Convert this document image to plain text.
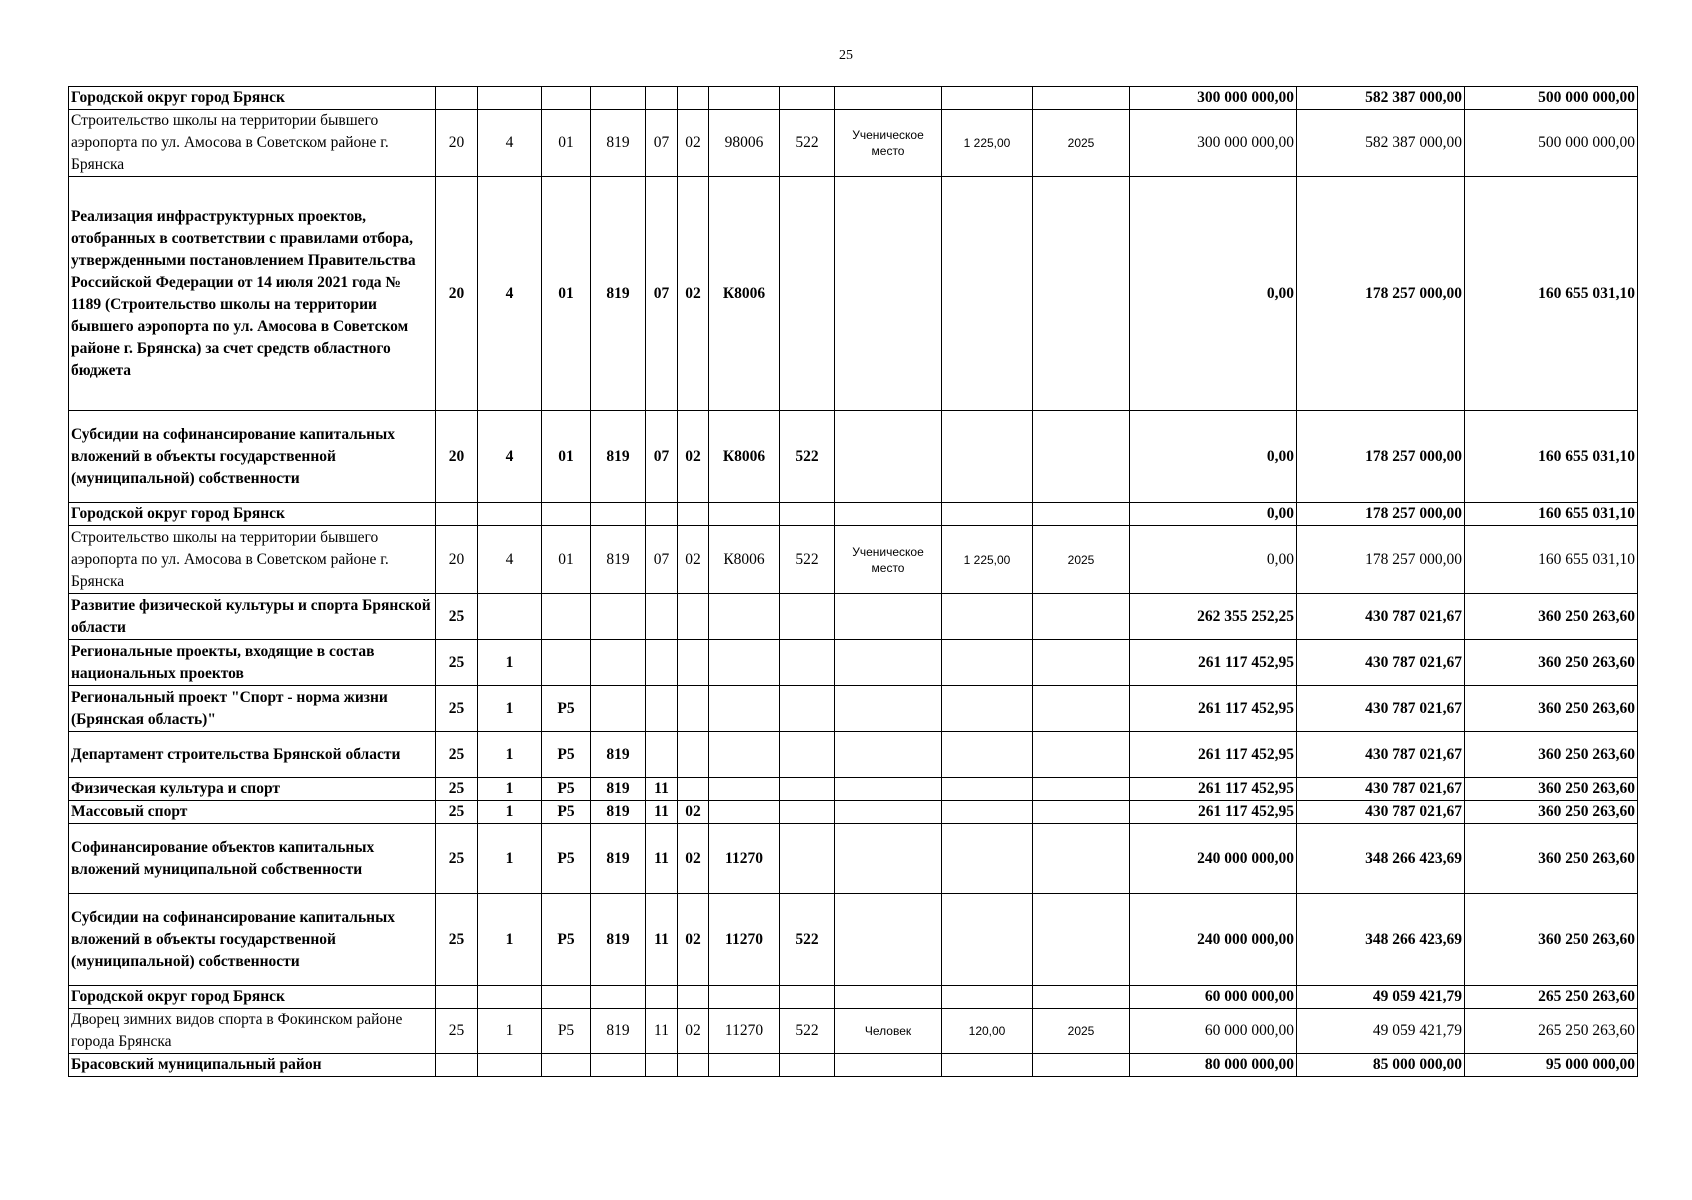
25
Городской округ город Брянск												300 000 000,00	582 387 000,00	500 000 000,00
Строительство школы на территории бывшего аэропорта по ул. Амосова в Советском районе г. Брянска	20	4	01	819	07	02	98006	522	Ученическое место	1 225,00	2025	300 000 000,00	582 387 000,00	500 000 000,00
Реализация инфраструктурных проектов, отобранных в соответствии с правилами отбора, утвержденными постановлением Правительства Российской Федерации от 14 июля 2021 года № 1189 (Строительство школы на территории бывшего аэропорта по ул. Амосова в Советском районе г. Брянска) за счет средств областного бюджета	20	4	01	819	07	02	К8006					0,00	178 257 000,00	160 655 031,10
Субсидии на софинансирование капитальных вложений в объекты государственной (муниципальной) собственности	20	4	01	819	07	02	К8006	522				0,00	178 257 000,00	160 655 031,10
Городской округ город Брянск												0,00	178 257 000,00	160 655 031,10
Строительство школы на территории бывшего аэропорта по ул. Амосова в Советском районе г. Брянска	20	4	01	819	07	02	К8006	522	Ученическое место	1 225,00	2025	0,00	178 257 000,00	160 655 031,10
Развитие физической культуры и спорта Брянской области	25											262 355 252,25	430 787 021,67	360 250 263,60
Региональные проекты, входящие в состав национальных проектов	25	1										261 117 452,95	430 787 021,67	360 250 263,60
Региональный проект "Спорт - норма жизни (Брянская область)"	25	1	Р5									261 117 452,95	430 787 021,67	360 250 263,60
Департамент строительства Брянской области	25	1	Р5	819								261 117 452,95	430 787 021,67	360 250 263,60
Физическая культура и спорт	25	1	Р5	819	11							261 117 452,95	430 787 021,67	360 250 263,60
Массовый спорт	25	1	Р5	819	11	02						261 117 452,95	430 787 021,67	360 250 263,60
Софинансирование объектов капитальных вложений муниципальной собственности	25	1	Р5	819	11	02	11270					240 000 000,00	348 266 423,69	360 250 263,60
Субсидии на софинансирование капитальных вложений в объекты государственной (муниципальной) собственности	25	1	Р5	819	11	02	11270	522				240 000 000,00	348 266 423,69	360 250 263,60
Городской округ город Брянск												60 000 000,00	49 059 421,79	265 250 263,60
Дворец зимних видов спорта в Фокинском районе города Брянска	25	1	Р5	819	11	02	11270	522	Человек	120,00	2025	60 000 000,00	49 059 421,79	265 250 263,60
Брасовский муниципальный район												80 000 000,00	85 000 000,00	95 000 000,00
